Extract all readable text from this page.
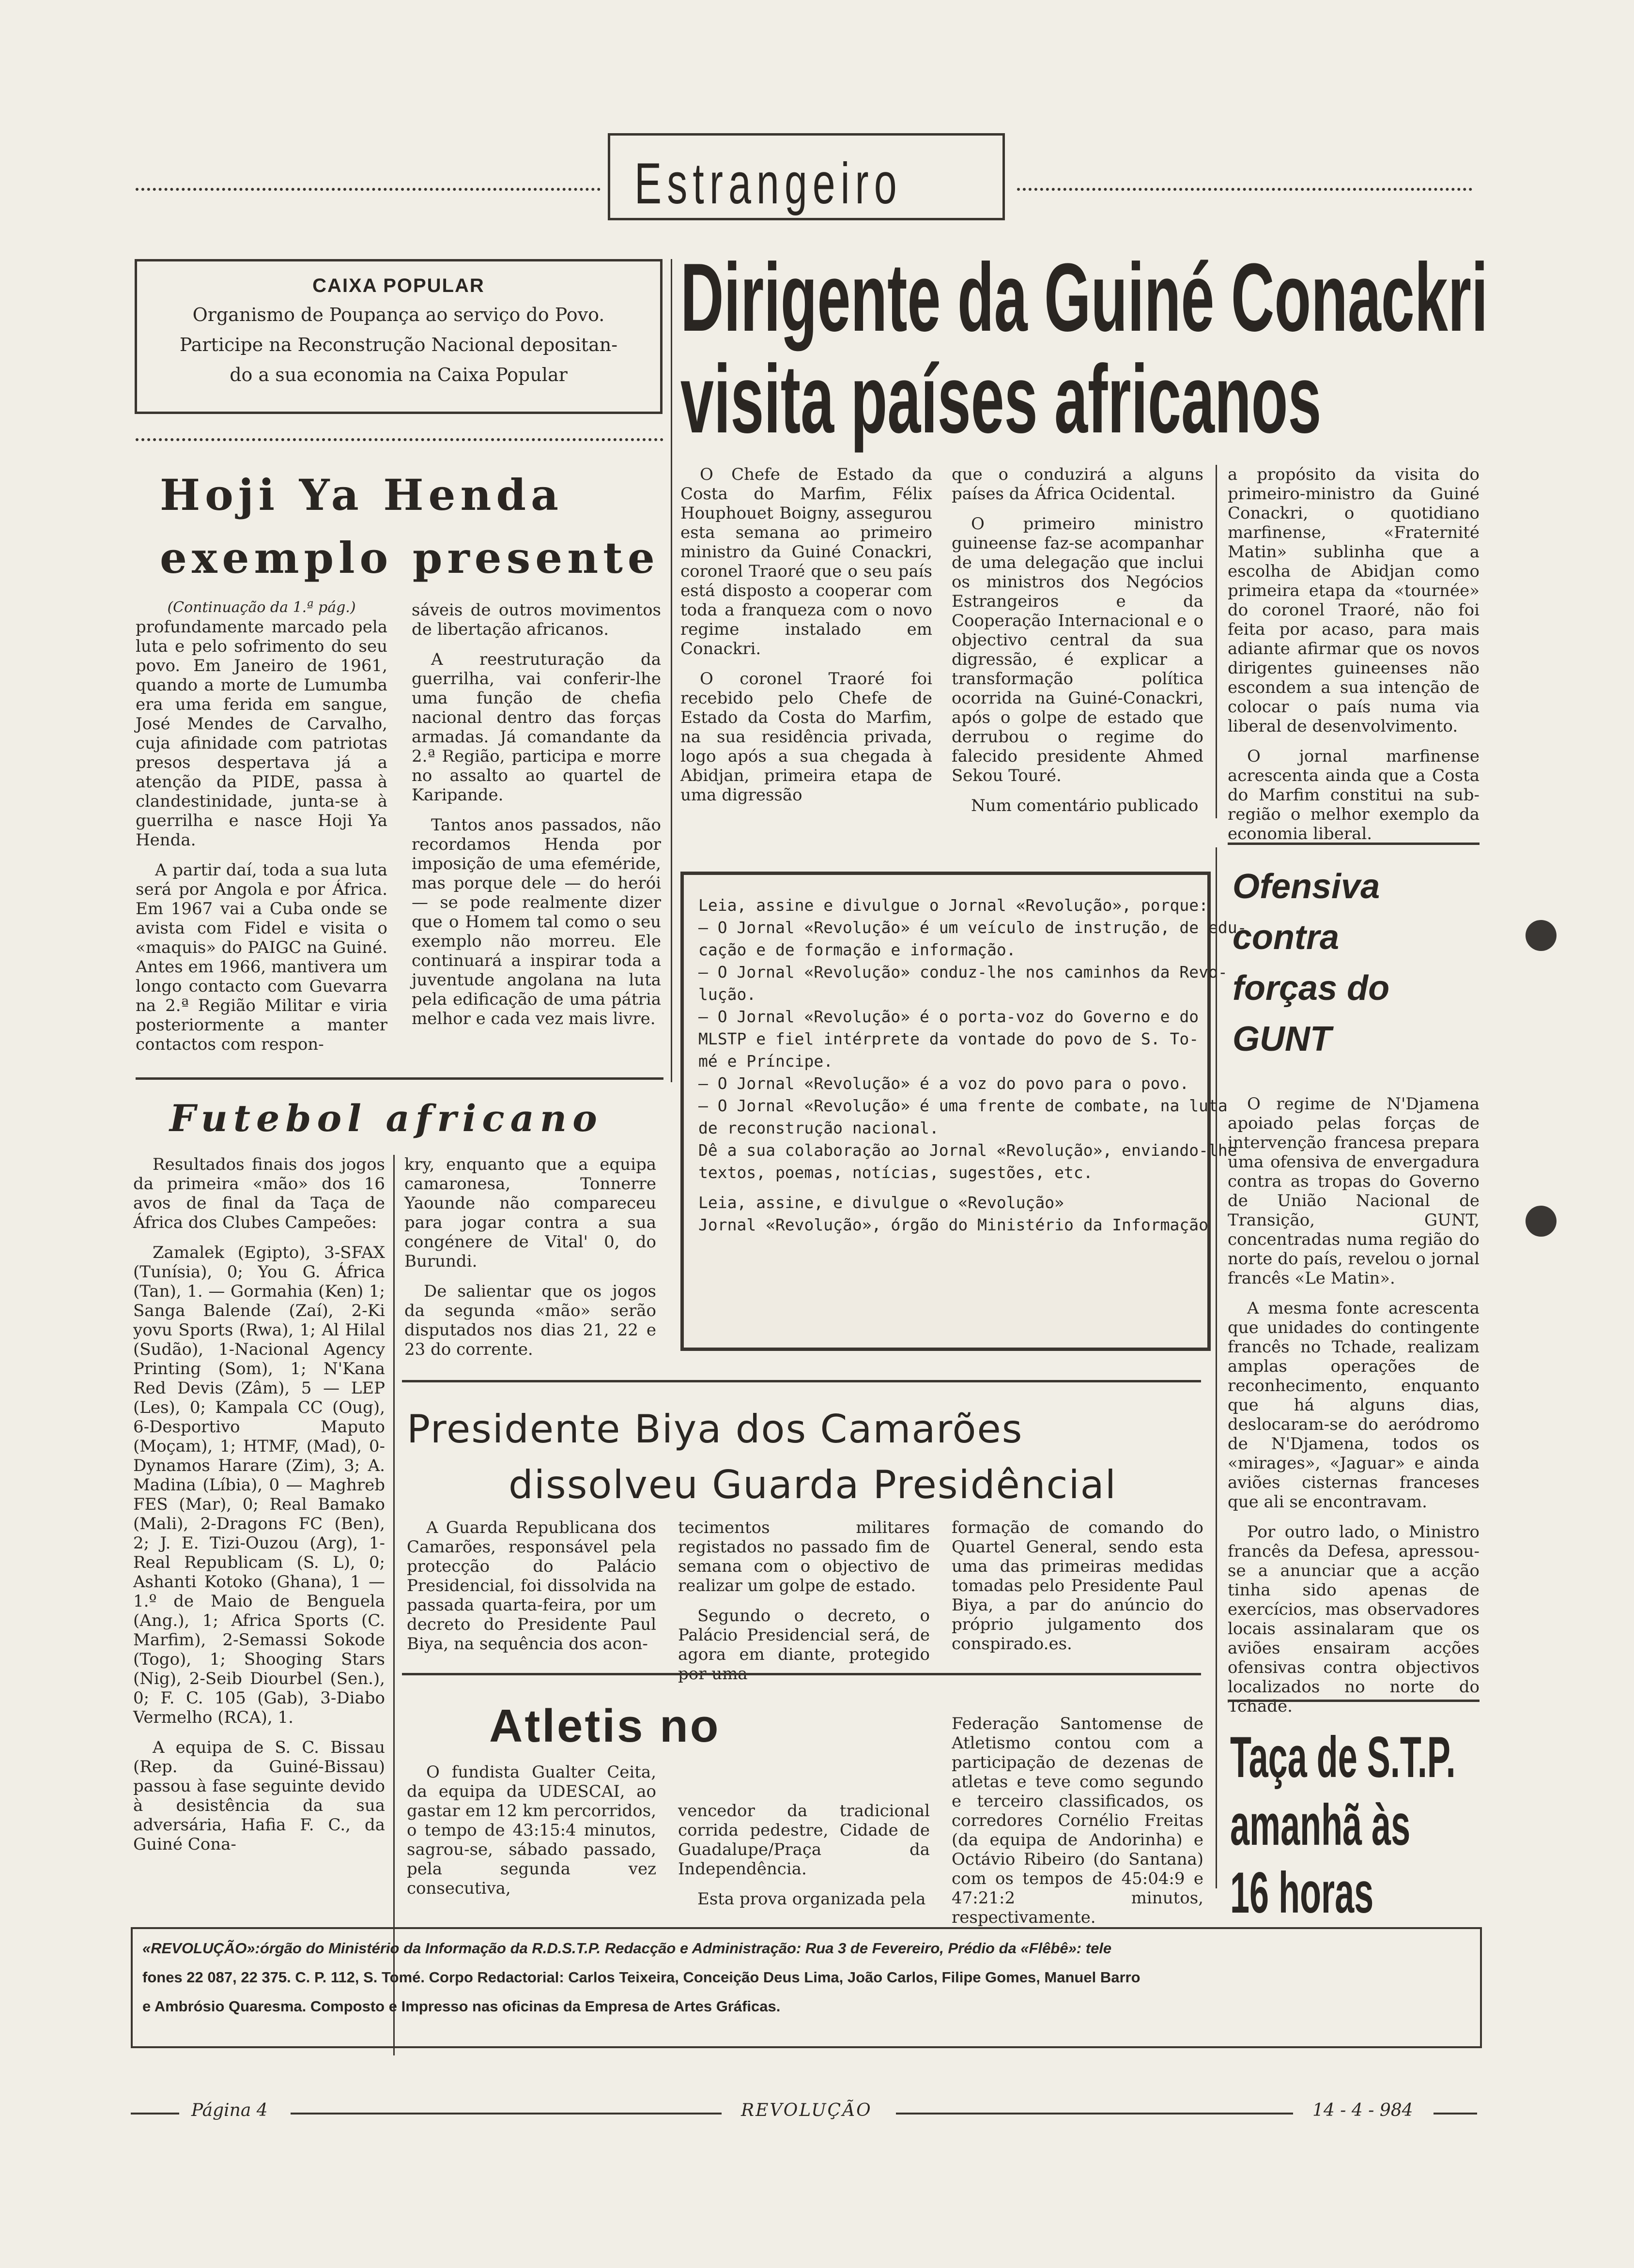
Estrangeiro
CAIXA POPULAR
Organismo de Poupança ao serviço do Povo.
Participe na Reconstrução Nacional depositan-
do a sua economia na Caixa Popular
Dirigente da Guiné Conackri
visita países africanos

O Chefe de Estado da Costa do Marfim, Félix Houphouet Boigny, assegurou esta semana ao primeiro ministro da Guiné Conackri, coronel Traoré que o seu país está disposto a cooperar com toda a franqueza com o novo regime instalado em Conackri.

O coronel Traoré foi recebido pelo Chefe de Estado da Costa do Marfim, na sua residência privada, logo após a sua chegada à Abidjan, primeira etapa de uma digressão

que o conduzirá a alguns países da África Ocidental.

O primeiro ministro guineense faz-se acompanhar de uma delegação que inclui os ministros dos Negócios Estrangeiros e da Cooperação Internacional e o objectivo central da sua digressão, é explicar a transformação política ocorrida na Guiné-Conackri, após o golpe de estado que derrubou o regime do falecido presidente Ahmed Sekou Touré.

Num comentário publicado

a propósito da visita do primeiro-ministro da Guiné Conackri, o quotidiano marfinense, «Fraternité Matin» sublinha que a escolha de Abidjan como primeira etapa da «tournée» do coronel Traoré, não foi feita por acaso, para mais adiante afirmar que os novos dirigentes guineenses não escondem a sua intenção de colocar o país numa via liberal de desenvolvimento.

O jornal marfinense acrescenta ainda que a Costa do Marfim constitui na sub-região o melhor exemplo da economia liberal.

Hoji Ya Henda
exemplo presente
(Continuação da 1.ª pág.)

profundamente marcado pela luta e pelo sofrimento do seu povo. Em Janeiro de 1961, quando a morte de Lumumba era uma ferida em sangue, José Mendes de Carvalho, cuja afinidade com patriotas presos despertava já a atenção da PIDE, passa à clandestinidade, junta-se à guerrilha e nasce Hoji Ya Henda.

A partir daí, toda a sua luta será por Angola e por África. Em 1967 vai a Cuba onde se avista com Fidel e visita o «maquis» do PAIGC na Guiné. Antes em 1966, mantivera um longo contacto com Guevarra na 2.ª Região Militar e viria posteriormente a manter contactos com respon-

sáveis de outros movimentos de libertação africanos.

A reestruturação da guerrilha, vai conferir-lhe uma função de chefia nacional dentro das forças armadas. Já comandante da 2.ª Região, participa e morre no assalto ao quartel de Karipande.

Tantos anos passados, não recordamos Henda por imposição de uma efeméride, mas porque dele — do herói — se pode realmente dizer que o Homem tal como o seu exemplo não morreu. Ele continuará a inspirar toda a juventude angolana na luta pela edificação de uma pátria melhor e cada vez mais livre.

Futebol africano

Resultados finais dos jogos da primeira «mão» dos 16 avos de final da Taça de África dos Clubes Campeões:

Zamalek (Egipto), 3-SFAX (Tunísia), 0; You G. África (Tan), 1. — Gormahia (Ken) 1; Sanga Balende (Zaí), 2-Ki yovu Sports (Rwa), 1; Al Hilal (Sudão), 1-Nacional Agency Printing (Som), 1; N'Kana Red Devis (Zâm), 5 — LEP (Les), 0; Kampala CC (Oug), 6-Desportivo Maputo (Moçam), 1; HTMF, (Mad), 0-Dynamos Harare (Zim), 3; A. Madina (Líbia), 0 — Maghreb FES (Mar), 0; Real Bamako (Mali), 2-Dragons FC (Ben), 2; J. E. Tizi-Ouzou (Arg), 1-Real Republicam (S. L), 0; Ashanti Kotoko (Ghana), 1 — 1.º de Maio de Benguela (Ang.), 1; Africa Sports (C. Marfim), 2-Semassi Sokode (Togo), 1; Shooging Stars (Nig), 2-Seib Diourbel (Sen.), 0; F. C. 105 (Gab), 3-Diabo Vermelho (RCA), 1.

A equipa de S. C. Bissau (Rep. da Guiné-Bissau) passou à fase seguinte devido à desistência da sua adversária, Hafia F. C., da Guiné Cona-

kry, enquanto que a equipa camaronesa, Tonnerre Yaounde não compareceu para jogar contra a sua congénere de Vital' 0, do Burundi.

De salientar que os jogos da segunda «mão» serão disputados nos dias 21, 22 e 23 do corrente.

Leia, assine e divulgue o Jornal «Revolução», porque:
— O Jornal «Revolução» é um veículo de instrução, de edu-
cação e de formação e informação.
— O Jornal «Revolução» conduz-lhe nos caminhos da Revo-
lução.
— O Jornal «Revolução» é o porta-voz do Governo e do
MLSTP e fiel intérprete da vontade do povo de S. To-
mé e Príncipe.
— O Jornal «Revolução» é a voz do povo para o povo.
— O Jornal «Revolução» é uma frente de combate, na luta
de reconstrução nacional.
Dê a sua colaboração ao Jornal «Revolução», enviando-lhe
textos, poemas, notícias, sugestões, etc.
Leia, assine, e divulgue o «Revolução»
Jornal «Revolução», órgão do Ministério da Informação
Presidente Biya dos Camarões
dissolveu Guarda Presidêncial

A Guarda Republicana dos Camarões, responsável pela protecção do Palácio Presidencial, foi dissolvida na passada quarta-feira, por um decreto do Presidente Paul Biya, na sequência dos acon-

tecimentos militares registados no passado fim de semana com o objectivo de realizar um golpe de estado.

Segundo o decreto, o Palácio Presidencial será, de agora em diante, protegido por uma

formação de comando do Quartel General, sendo esta uma das primeiras medidas tomadas pelo Presidente Paul Biya, a par do anúncio do próprio julgamento dos conspirado.es.

Atletis no

O fundista Gualter Ceita, da equipa da UDESCAI, ao gastar em 12 km percorridos, o tempo de 43:15:4 minutos, sagrou-se, sábado passado, pela segunda vez consecutiva,

vencedor da tradicional corrida pedestre, Cidade de Guadalupe/Praça da Independência.

Esta prova organizada pela

Federação Santomense de Atletismo contou com a participação de dezenas de atletas e teve como segundo e terceiro classificados, os corredores Cornélio Freitas (da equipa de Andorinha) e Octávio Ribeiro (do Santana) com os tempos de 45:04:9 e 47:21:2 minutos, respectivamente.

Ofensiva
contra
forças do
GUNT

O regime de N'Djamena apoiado pelas forças de intervenção francesa prepara uma ofensiva de envergadura contra as tropas do Governo de União Nacional de Transição, GUNT, concentradas numa região do norte do país, revelou o jornal francês «Le Matin».

A mesma fonte acrescenta que unidades do contingente francês no Tchade, realizam amplas operações de reconhecimento, enquanto que há alguns dias, deslocaram-se do aeródromo de N'Djamena, todos os «mirages», «Jaguar» e ainda aviões cisternas franceses que ali se encontravam.

Por outro lado, o Ministro francês da Defesa, apressou-se a anunciar que a acção tinha sido apenas de exercícios, mas observadores locais assinalaram que os aviões ensairam acções ofensivas contra objectivos localizados no norte do Tchade.

Taça de S.T.P.
amanhã às
16 horas
«REVOLUÇÃO»:órgão do Ministério da Informação da R.D.S.T.P. Redacção e Administração: Rua 3 de Fevereiro, Prédio da «Flêbê»: tele
fones 22 087, 22 375. C. P. 112, S. Tomé. Corpo Redactorial: Carlos Teixeira, Conceição Deus Lima, João Carlos, Filipe Gomes, Manuel Barro
e Ambrósio Quaresma. Composto e Impresso nas oficinas da Empresa de Artes Gráficas.
Página 4	REVOLUÇÃO	14 - 4 - 984
